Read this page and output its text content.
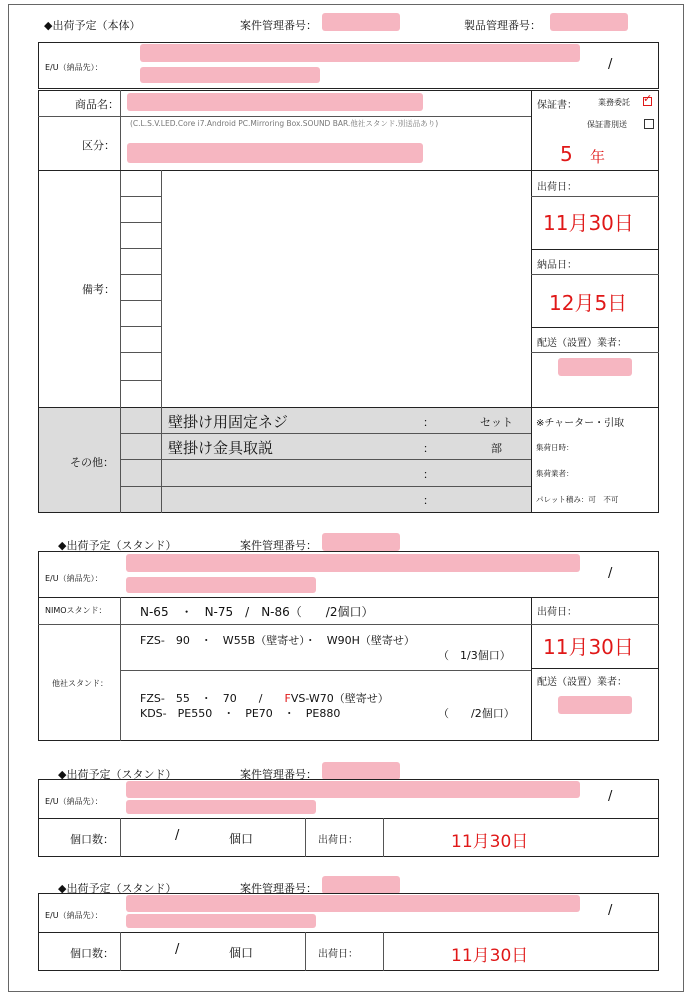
◆出荷予定（本体）	案件管理番号：	製品管理番号：
E/U（納品先）：	/
商品名：
区分：
(C.L.S.V.LED.Core i7.Android PC.Mirroring Box.SOUND BAR.他社スタンド.別送品あり)
保証書：	業務委託 ✓
保証書別送
5 年
備考：
出荷日：
11月30日
納品日：
12月5日
配送（設置）業者：
その他：
壁掛け用固定ネジ	：	セット
壁掛け金具取説	：	部
：
：
※チャーター・引取
集荷日時：
集荷業者：
パレット積み：可　不可
◆出荷予定（スタンド）	案件管理番号：
E/U（納品先）：	/
NIMOスタンド：	N-65　・　N-75　/　N-86（　　/2個口）
他社スタンド：
FZS-　90　・　W55B（壁寄せ）・　W90H（壁寄せ）
（　1/3個口）
FZS-　55　・　70　　/　　FVS-W70（壁寄せ）
KDS-　PE550　・　PE70　・　PE880	（　　/2個口）
出荷日：
11月30日
配送（設置）業者：
◆出荷予定（スタンド）	案件管理番号：
E/U（納品先）：	/
個口数：	/	個口	出荷日：	11月30日
◆出荷予定（スタンド）	案件管理番号：
E/U（納品先）：	/
個口数：	/	個口	出荷日：	11月30日
